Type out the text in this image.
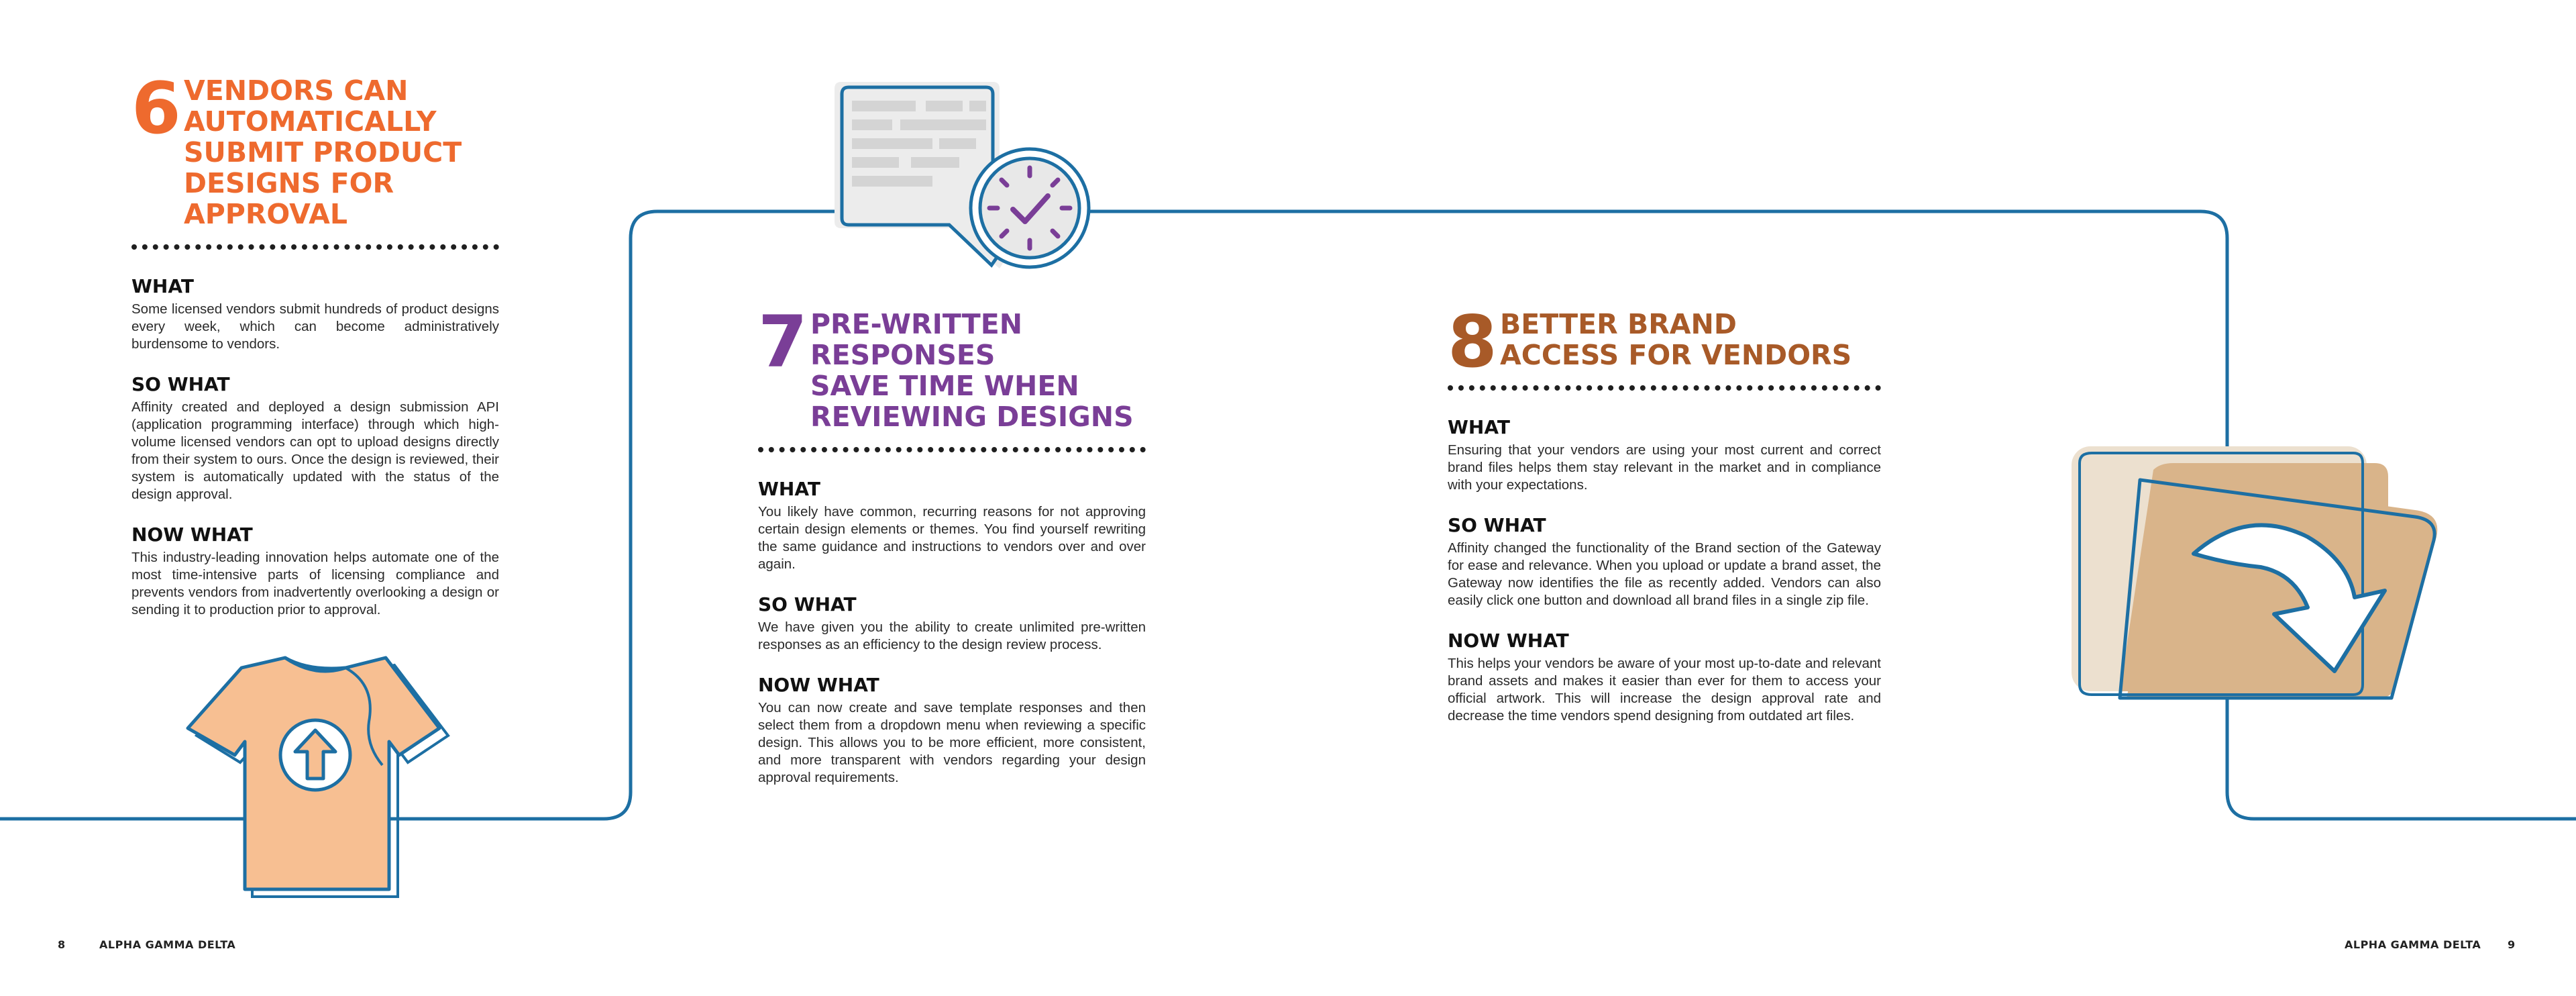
6 VENDORS CAN
AUTOMATICALLY
SUBMIT PRODUCT
DESIGNS FOR
APPROVAL

WHAT

Some licensed vendors submit hundreds of product designs every week, which can become administratively burdensome to vendors.

SO WHAT

Affinity created and deployed a design submission API (application programming interface) through which high-volume licensed vendors can opt to upload designs directly from their system to ours. Once the design is reviewed, their system is automatically updated with the status of the design approval.

NOW WHAT

This industry-leading innovation helps automate one of the most time-intensive parts of licensing compliance and prevents vendors from inadvertently overlooking a design or sending it to production prior to approval.

7 PRE-WRITTEN
RESPONSES
SAVE TIME WHEN
REVIEWING DESIGNS

WHAT

You likely have common, recurring reasons for not approving certain design elements or themes. You find yourself rewriting the same guidance and instructions to vendors over and over again.

SO WHAT

We have given you the ability to create unlimited pre-written responses as an efficiency to the design review process.

NOW WHAT

You can now create and save template responses and then select them from a dropdown menu when reviewing a specific design. This allows you to be more efficient, more consistent, and more transparent with vendors regarding your design approval requirements.

8 BETTER BRAND
ACCESS FOR VENDORS

WHAT

Ensuring that your vendors are using your most current and correct brand files helps them stay relevant in the market and in compliance with your expectations.

SO WHAT

Affinity changed the functionality of the Brand section of the Gateway for ease and relevance. When you upload or update a brand asset, the Gateway now identifies the file as recently added. Vendors can also easily click one button and download all brand files in a single zip file.

NOW WHAT

This helps your vendors be aware of your most up-to-date and relevant brand assets and makes it easier than ever for them to access your official artwork. This will increase the design approval rate and decrease the time vendors spend designing from outdated art files.

8	ALPHA GAMMA DELTA	ALPHA GAMMA DELTA 9
